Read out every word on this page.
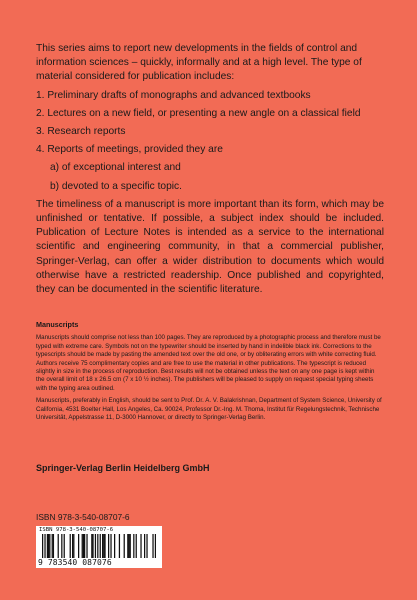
This series aims to report new developments in the fields of control and information sciences – quickly, informally and at a high level. The type of material considered for publication includes:

1. Preliminary drafts of monographs and advanced textbooks
2. Lectures on a new field, or presenting a new angle on a classical field
3. Research reports
4. Reports of meetings, provided they are
a) of exceptional interest and
b) devoted to a specific topic.

The timeliness of a manuscript is more important than its form, which may be unfinished or tentative. If possible, a subject index should be included. Publication of Lecture Notes is intended as a service to the international scientific and engineering community, in that a commercial publisher, Springer-Verlag, can offer a wider distribution to documents which would otherwise have a restricted readership. Once published and copyrighted, they can be documented in the scientific literature.

Manuscripts

Manuscripts should comprise not less than 100 pages. They are reproduced by a photographic process and therefore must be typed with extreme care. Symbols not on the typewriter should be inserted by hand in indelible black ink. Corrections to the typescripts should be made by pasting the amended text over the old one, or by obliterating errors with white correcting fluid. Authors receive 75 complimentary copies and are free to use the material in other publications. The typescript is reduced slightly in size in the process of reproduction. Best results will not be obtained unless the text on any one page is kept within the overall limit of 18 x 26.5 cm (7 x 10 ½ inches). The publishers will be pleased to supply on request special typing sheets with the typing area outlined.

Manuscripts, preferably in English, should be sent to Prof. Dr. A. V. Balakrishnan, Department of System Science, University of California, 4531 Boelter Hall, Los Angeles, Ca. 90024, Professor Dr.-Ing. M. Thoma, Institut für Regelungstechnik, Technische Universität, Appelstrasse 11, D-3000 Hannover, or directly to Springer-Verlag Berlin.

Springer-Verlag Berlin Heidelberg GmbH

ISBN 978-3-540-08707-6

ISBN 978-3-540-08707-6
9 783540 087076
